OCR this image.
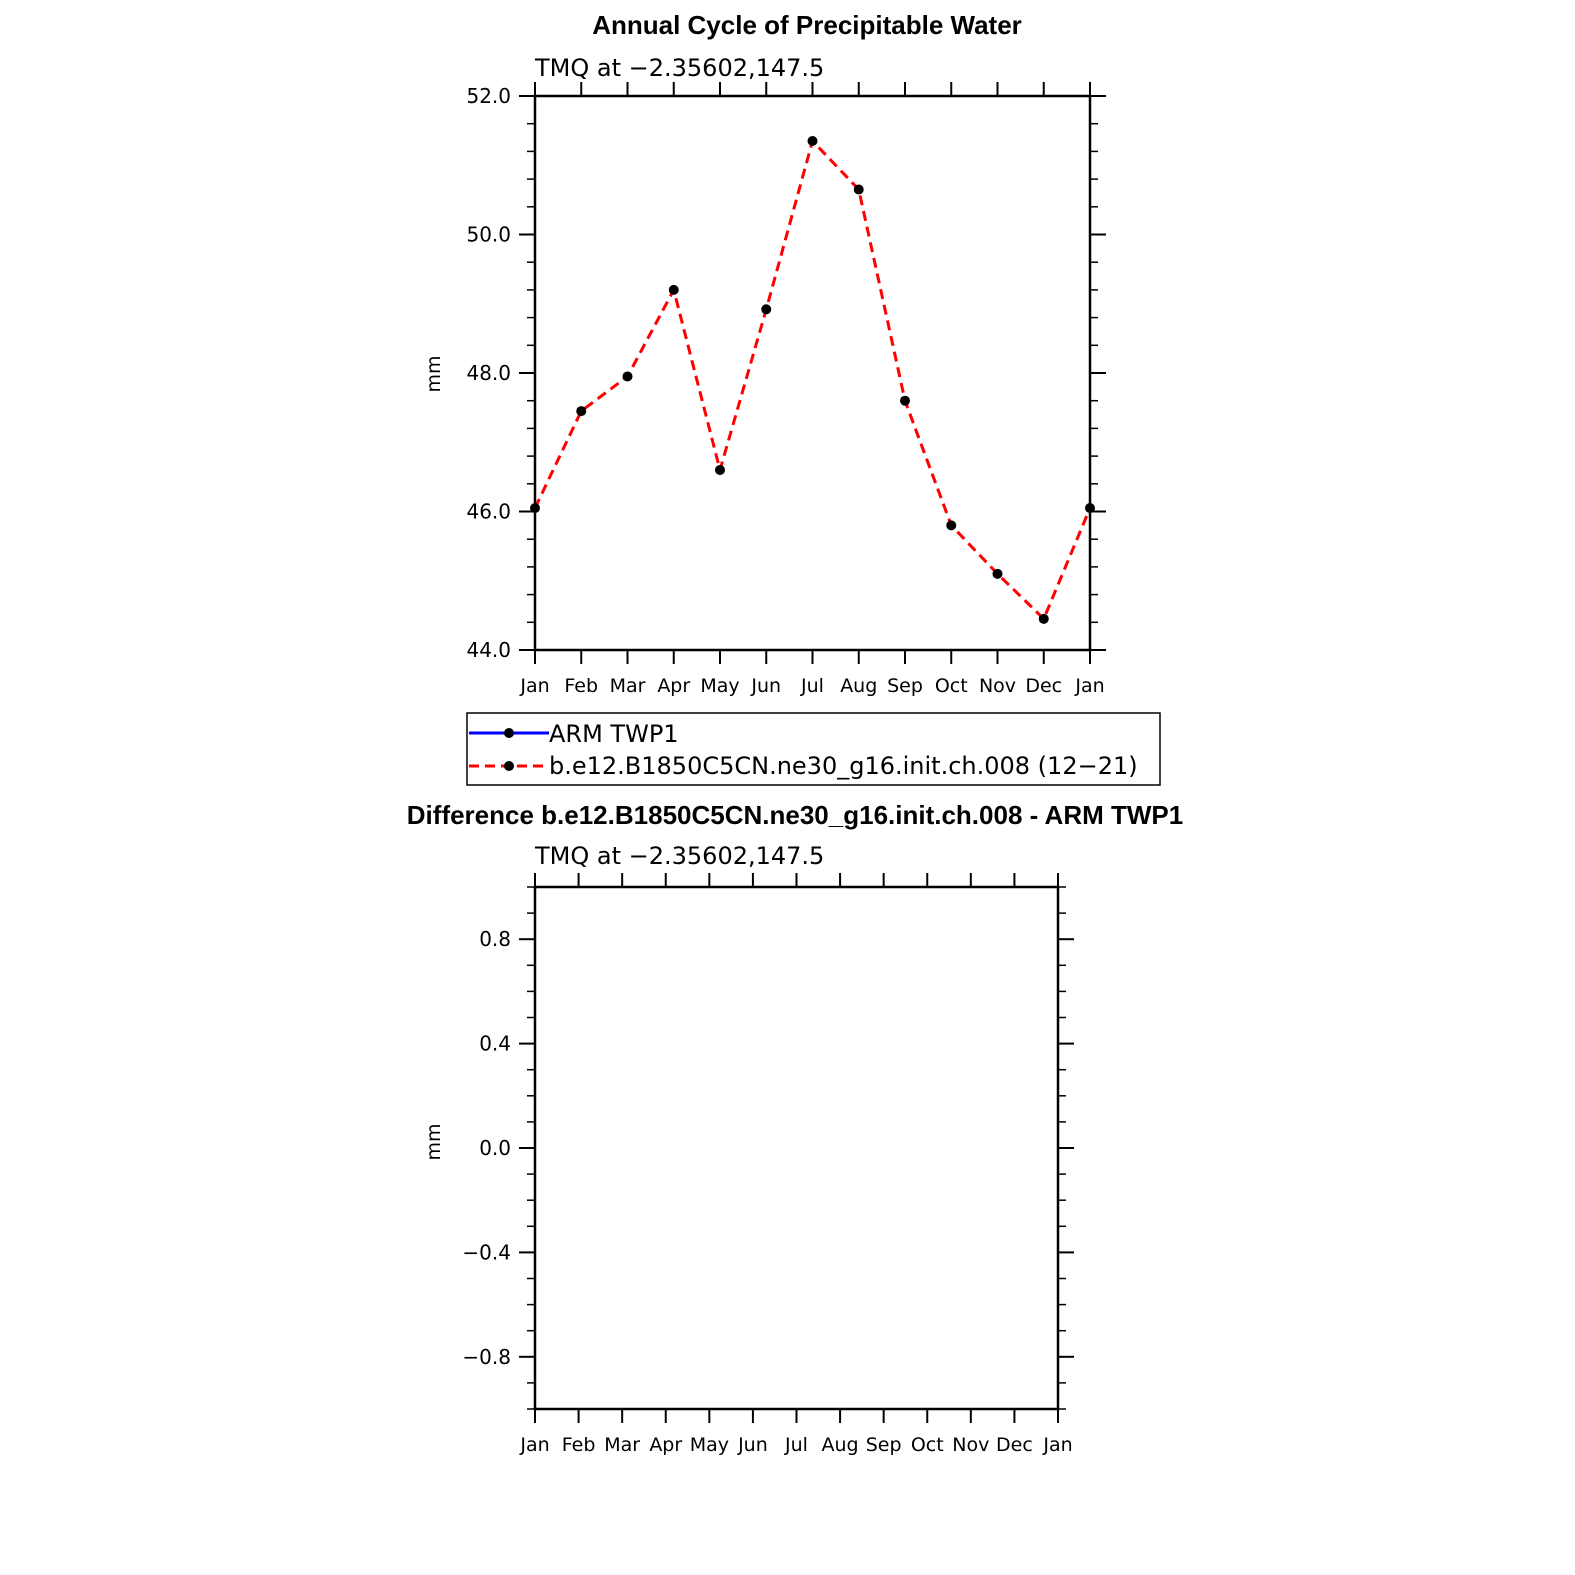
Annual Cycle of Precipitable Water
TMQ at −2.35602,147.5
mm
44.0
46.0
48.0
50.0
52.0
Jan Feb Mar Apr May Jun Jul Aug Sep Oct Nov Dec Jan
ARM TWP1
b.e12.B1850C5CN.ne30_g16.init.ch.008 (12−21)
Difference b.e12.B1850C5CN.ne30_g16.init.ch.008 - ARM TWP1
TMQ at −2.35602,147.5
mm
−0.8
−0.4
0.0
0.4
0.8
Jan Feb Mar Apr May Jun Jul Aug Sep Oct Nov Dec Jan
